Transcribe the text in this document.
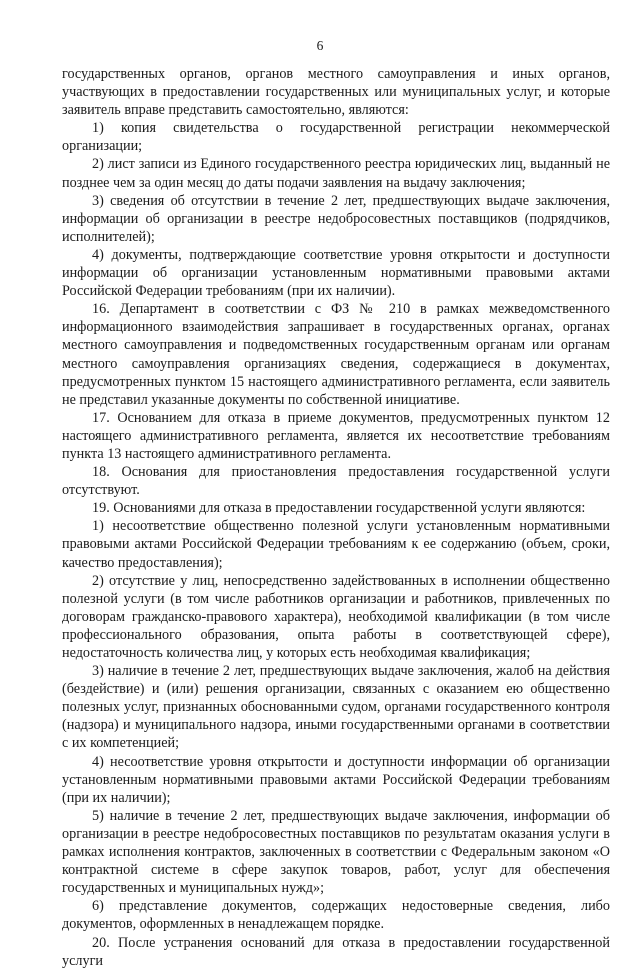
6

государственных органов, органов местного самоуправления и иных органов, участвующих в предоставлении государственных или муниципальных услуг, и которые заявитель вправе представить самостоятельно, являются:

1) копия свидетельства о государственной регистрации некоммерческой организации;

2) лист записи из Единого государственного реестра юридических лиц, выданный не позднее чем за один месяц до даты подачи заявления на выдачу заключения;

3) сведения об отсутствии в течение 2 лет, предшествующих выдаче заключения, информации об организации в реестре недобросовестных поставщиков (подрядчиков, исполнителей);

4) документы, подтверждающие соответствие уровня открытости и доступности информации об организации установленным нормативными правовыми актами Российской Федерации требованиям (при их наличии).

16. Департамент в соответствии с ФЗ № 210 в рамках межведомственного информационного взаимодействия запрашивает в государственных органах, органах местного самоуправления и подведомственных государственным органам или органам местного самоуправления организациях сведения, содержащиеся в документах, предусмотренных пунктом 15 настоящего административного регламента, если заявитель не представил указанные документы по собственной инициативе.

17. Основанием для отказа в приеме документов, предусмотренных пунктом 12 настоящего административного регламента, является их несоответствие требованиям пункта 13 настоящего административного регламента.

18. Основания для приостановления предоставления государственной услуги отсутствуют.

19. Основаниями для отказа в предоставлении государственной услуги являются:

1) несоответствие общественно полезной услуги установленным нормативными правовыми актами Российской Федерации требованиям к ее содержанию (объем, сроки, качество предоставления);

2) отсутствие у лиц, непосредственно задействованных в исполнении общественно полезной услуги (в том числе работников организации и работников, привлеченных по договорам гражданско-правового характера), необходимой квалификации (в том числе профессионального образования, опыта работы в соответствующей сфере), недостаточность количества лиц, у которых есть необходимая квалификация;

3) наличие в течение 2 лет, предшествующих выдаче заключения, жалоб на действия (бездействие) и (или) решения организации, связанных с оказанием ею общественно полезных услуг, признанных обоснованными судом, органами государственного контроля (надзора) и муниципального надзора, иными государственными органами в соответствии с их компетенцией;

4) несоответствие уровня открытости и доступности информации об организации установленным нормативными правовыми актами Российской Федерации требованиям (при их наличии);

5) наличие в течение 2 лет, предшествующих выдаче заключения, информации об организации в реестре недобросовестных поставщиков по результатам оказания услуги в рамках исполнения контрактов, заключенных в соответствии с Федеральным законом «О контрактной системе в сфере закупок товаров, работ, услуг для обеспечения государственных и муниципальных нужд»;

6) представление документов, содержащих недостоверные сведения, либо документов, оформленных в ненадлежащем порядке.

20. После устранения оснований для отказа в предоставлении государственной услуги
